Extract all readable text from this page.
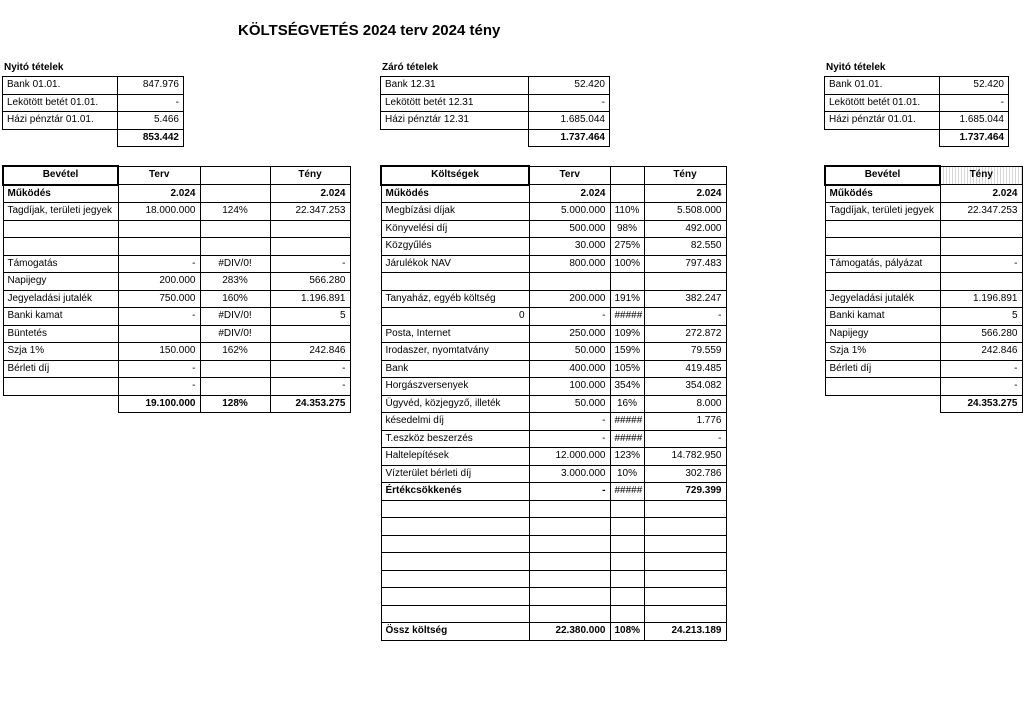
KÖLTSÉGVETÉS 2024 terv 2024 tény
Nyitó tételek
Bank 01.01.	847.976
Lekötött betét 01.01.	-
Házi pénztár 01.01.	5.466
	853.442
Záró tételek
Bank 12.31	52.420
Lekötött betét 12.31	-
Házi pénztár 12.31	1.685.044
	1.737.464
Nyitó tételek
Bank 01.01.	52.420
Lekötött betét 01.01.	-
Házi pénztár 01.01.	1.685.044
	1.737.464
Bevétel	Terv		Tény
Működés	2.024		2.024
Tagdíjak, területi jegyek	18.000.000	124%	22.347.253

Támogatás	-	#DIV/0!	-
Napijegy	200.000	283%	566.280
Jegyeladási jutalék	750.000	160%	1.196.891
Banki kamat	-	#DIV/0!	5
Büntetés		#DIV/0!	
Szja 1%	150.000	162%	242.846
Bérleti díj	-		-
	-		-
	19.100.000	128%	24.353.275
Költségek	Terv		Tény
Működés	2.024		2.024
Megbízási díjak	5.000.000	110%	5.508.000
Könyvelési díj	500.000	98%	492.000
Közgyűlés	30.000	275%	82.550
Járulékok NAV	800.000	100%	797.483

Tanyaház, egyéb költség	200.000	191%	382.247
0	-	#####	-
Posta, Internet	250.000	109%	272.872
Irodaszer, nyomtatvány	50.000	159%	79.559
Bank	400.000	105%	419.485
Horgászversenyek	100.000	354%	354.082
Ügyvéd, közjegyző, illeték	50.000	16%	8.000
késedelmi díj	-	#####	1.776
T.eszköz beszerzés	-	#####	-
Haltelepítések	12.000.000	123%	14.782.950
Vízterület bérleti díj	3.000.000	10%	302.786
Értékcsökkenés	-	#####	729.399

Össz költség	22.380.000	108%	24.213.189
Bevétel	Tény
Működés	2.024
Tagdíjak, területi jegyek	22.347.253

Támogatás, pályázat	-

Jegyeladási jutalék	1.196.891
Banki kamat	5
Napijegy	566.280
Szja 1%	242.846
Bérleti díj	-
	-
	24.353.275
